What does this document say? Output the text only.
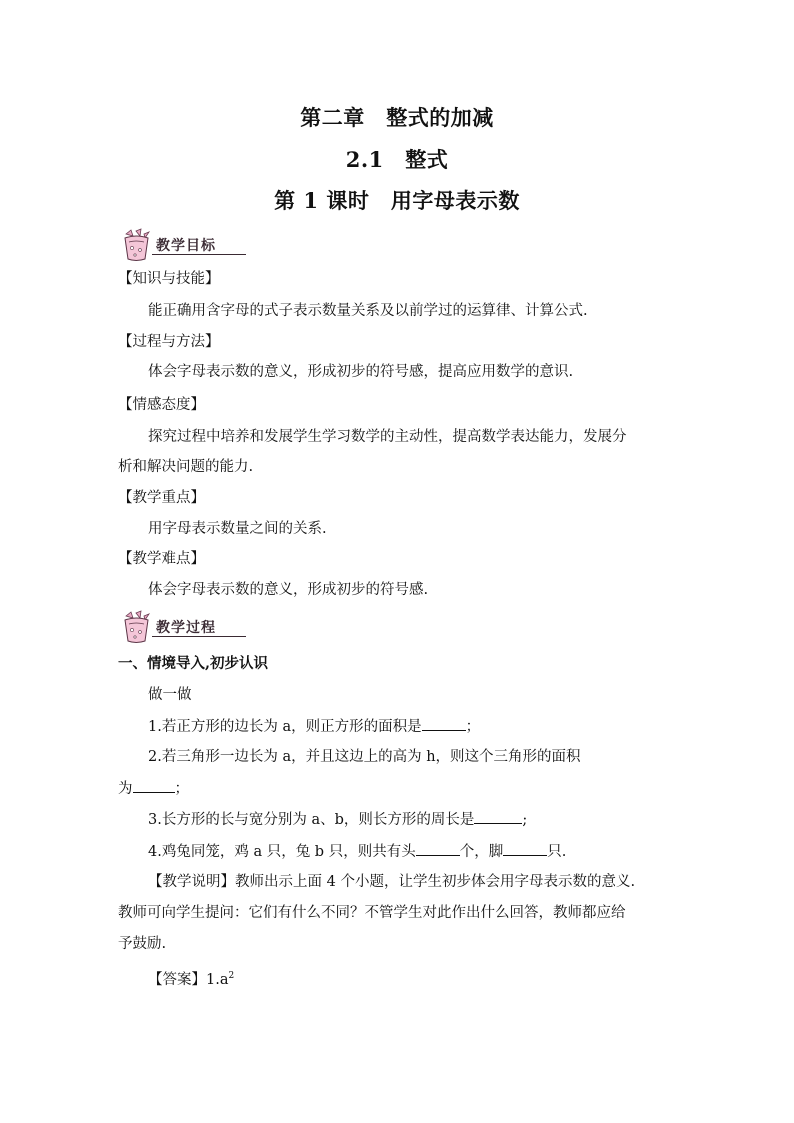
第二章　整式的加减
2.1　整式
第 1 课时　用字母表示数
教学目标
【知识与技能】
能正确用含字母的式子表示数量关系及以前学过的运算律、计算公式.
【过程与方法】
体会字母表示数的意义，形成初步的符号感，提高应用数学的意识.
【情感态度】
探究过程中培养和发展学生学习数学的主动性，提高数学表达能力，发展分
析和解决问题的能力.
【教学重点】
用字母表示数量之间的关系.
【教学难点】
体会字母表示数的意义，形成初步的符号感.
教学过程
一、情境导入,初步认识
做一做
1.若正方形的边长为 a，则正方形的面积是	；
2.若三角形一边长为 a，并且这边上的高为 h，则这个三角形的面积
为	；
3.长方形的长与宽分别为 a、b，则长方形的周长是	;
4.鸡兔同笼，鸡 a 只，兔 b 只，则共有头	个，脚	只.
【教学说明】教师出示上面 4 个小题，让学生初步体会用字母表示数的意义.
教师可向学生提问：它们有什么不同？不管学生对此作出什么回答，教师都应给
予鼓励.
【答案】$1.a^2$
